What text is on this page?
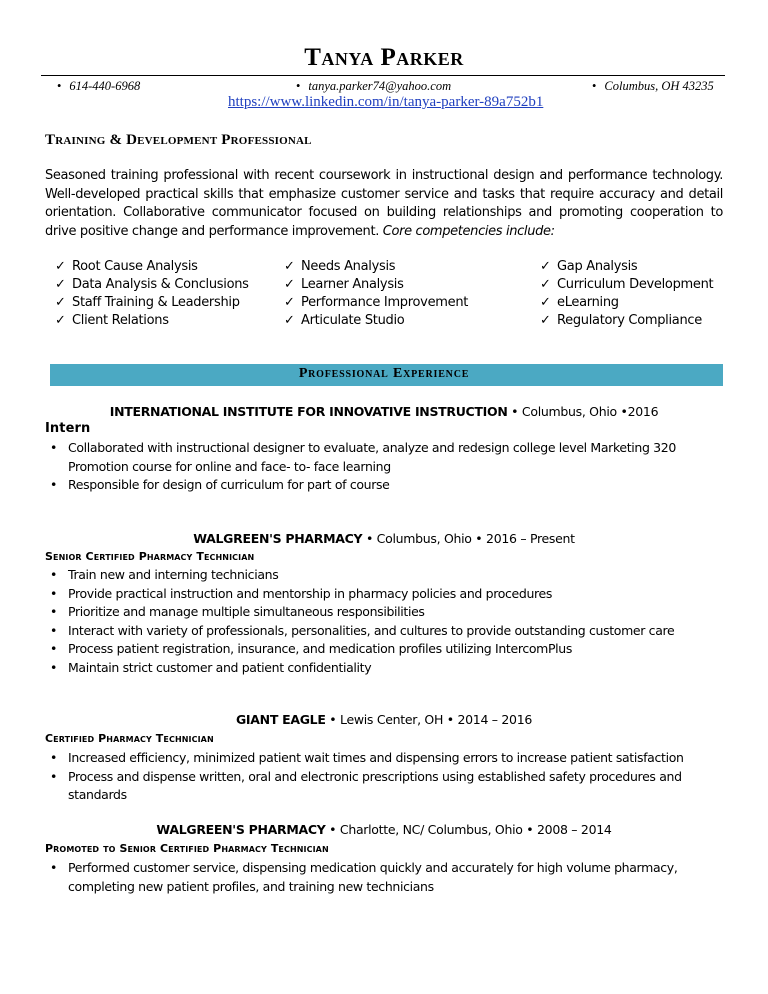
Tanya Parker
• 614-440-6968	• tanya.parker74@yahoo.com	• Columbus, OH 43235
https://www.linkedin.com/in/tanya-parker-89a752b1
Training & Development Professional
Seasoned training professional with recent coursework in instructional design and performance technology. Well-developed practical skills that emphasize customer service and tasks that require accuracy and detail orientation. Collaborative communicator focused on building relationships and promoting cooperation to drive positive change and performance improvement. Core competencies include:
✓ Root Cause Analysis
✓ Data Analysis & Conclusions
✓ Staff Training & Leadership
✓ Client Relations
✓ Needs Analysis
✓ Learner Analysis
✓ Performance Improvement
✓ Articulate Studio
✓ Gap Analysis
✓ Curriculum Development
✓ eLearning
✓ Regulatory Compliance
Professional Experience
INTERNATIONAL INSTITUTE FOR INNOVATIVE INSTRUCTION • Columbus, Ohio •2016
Intern
• Collaborated with instructional designer to evaluate, analyze and redesign college level Marketing 320 Promotion course for online and face- to- face learning
• Responsible for design of curriculum for part of course
WALGREEN'S PHARMACY • Columbus, Ohio • 2016 – Present
Senior Certified Pharmacy Technician
• Train new and interning technicians
• Provide practical instruction and mentorship in pharmacy policies and procedures
• Prioritize and manage multiple simultaneous responsibilities
• Interact with variety of professionals, personalities, and cultures to provide outstanding customer care
• Process patient registration, insurance, and medication profiles utilizing IntercomPlus
• Maintain strict customer and patient confidentiality
GIANT EAGLE • Lewis Center, OH • 2014 – 2016
Certified Pharmacy Technician
• Increased efficiency, minimized patient wait times and dispensing errors to increase patient satisfaction
• Process and dispense written, oral and electronic prescriptions using established safety procedures and standards
WALGREEN'S PHARMACY • Charlotte, NC/ Columbus, Ohio • 2008 – 2014
Promoted to Senior Certified Pharmacy Technician
• Performed customer service, dispensing medication quickly and accurately for high volume pharmacy, completing new patient profiles, and training new technicians
